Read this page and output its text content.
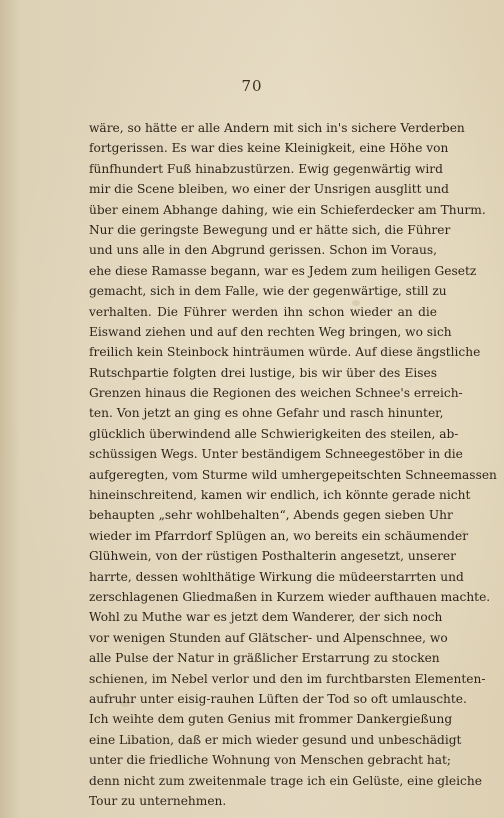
70
wäre, so hätte er alle Andern mit sich in's sichere Verderben
fortgerissen. Es war dies keine Kleinigkeit, eine Höhe von
fünfhundert Fuß hinabzustürzen. Ewig gegenwärtig wird
mir die Scene bleiben, wo einer der Unsrigen ausglitt und
über einem Abhange dahing, wie ein Schieferdecker am Thurm.
Nur die geringste Bewegung und er hätte sich, die Führer
und uns alle in den Abgrund gerissen. Schon im Voraus,
ehe diese Ramasse begann, war es Jedem zum heiligen Gesetz
gemacht, sich in dem Falle, wie der gegenwärtige, still zu
verhalten. Die Führer werden ihn schon wieder an die
Eiswand ziehen und auf den rechten Weg bringen, wo sich
freilich kein Steinbock hinträumen würde. Auf diese ängstliche
Rutschpartie folgten drei lustige, bis wir über des Eises
Grenzen hinaus die Regionen des weichen Schnee's erreich-
ten. Von jetzt an ging es ohne Gefahr und rasch hinunter,
glücklich überwindend alle Schwierigkeiten des steilen, ab-
schüssigen Wegs. Unter beständigem Schneegestöber in die
aufgeregten, vom Sturme wild umhergepeitschten Schneemassen
hineinschreitend, kamen wir endlich, ich könnte gerade nicht
behaupten „sehr wohlbehalten“, Abends gegen sieben Uhr
wieder im Pfarrdorf Splügen an, wo bereits ein schäumender
Glühwein, von der rüstigen Posthalterin angesetzt, unserer
harrte, dessen wohlthätige Wirkung die müdeerstarrten und
zerschlagenen Gliedmaßen in Kurzem wieder aufthauen machte.
Wohl zu Muthe war es jetzt dem Wanderer, der sich noch
vor wenigen Stunden auf Glätscher- und Alpenschnee, wo
alle Pulse der Natur in gräßlicher Erstarrung zu stocken
schienen, im Nebel verlor und den im furchtbarsten Elementen-
aufruhr unter eisig-rauhen Lüften der Tod so oft umlauschte.
Ich weihte dem guten Genius mit frommer Dankergießung
eine Libation, daß er mich wieder gesund und unbeschädigt
unter die friedliche Wohnung von Menschen gebracht hat;
denn nicht zum zweitenmale trage ich ein Gelüste, eine gleiche
Tour zu unternehmen.
